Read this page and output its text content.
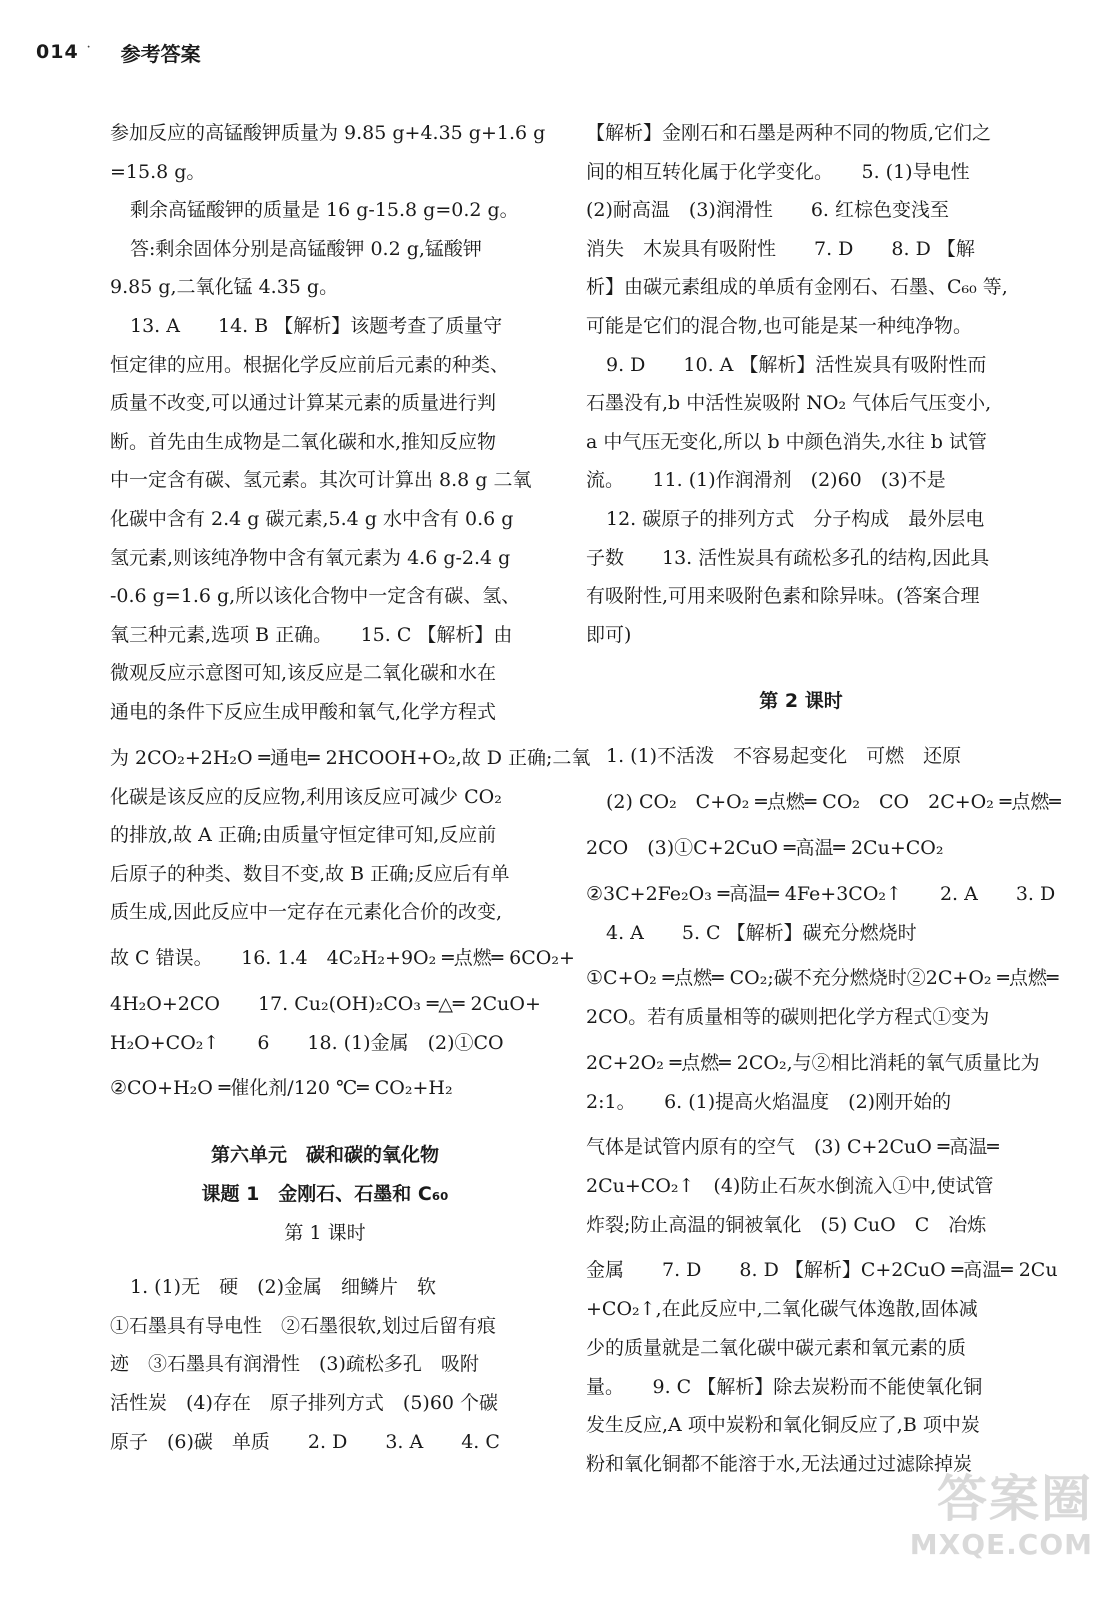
014 ˙ 参考答案
参加反应的高锰酸钾质量为 9.85 g+4.35 g+1.6 g
=15.8 g。
剩余高锰酸钾的质量是 16 g-15.8 g=0.2 g。
答:剩余固体分别是高锰酸钾 0.2 g,锰酸钾
9.85 g,二氧化锰 4.35 g。
13. A　　14. B 【解析】该题考查了质量守
恒定律的应用。根据化学反应前后元素的种类、
质量不改变,可以通过计算某元素的质量进行判
断。首先由生成物是二氧化碳和水,推知反应物
中一定含有碳、氢元素。其次可计算出 8.8 g 二氧
化碳中含有 2.4 g 碳元素,5.4 g 水中含有 0.6 g
氢元素,则该纯净物中含有氧元素为 4.6 g-2.4 g
-0.6 g=1.6 g,所以该化合物中一定含有碳、氢、
氧三种元素,选项 B 正确。　　15. C 【解析】由
微观反应示意图可知,该反应是二氧化碳和水在
通电的条件下反应生成甲酸和氧气,化学方程式
为 2CO₂+2H₂O ═通电═ 2HCOOH+O₂,故 D 正确;二氧
化碳是该反应的反应物,利用该反应可减少 CO₂
的排放,故 A 正确;由质量守恒定律可知,反应前
后原子的种类、数目不变,故 B 正确;反应后有单
质生成,因此反应中一定存在元素化合价的改变,
故 C 错误。　　16. 1.4　4C₂H₂+9O₂ ═点燃═ 6CO₂+
4H₂O+2CO　　17. Cu₂(OH)₂CO₃ ═△═ 2CuO+
H₂O+CO₂↑　　6　　18. (1)金属　(2)①CO
②CO+H₂O ═催化剂/120 ℃═ CO₂+H₂
第六单元　碳和碳的氧化物
课题 1　金刚石、石墨和 C₆₀
第 1 课时
1. (1)无　硬　(2)金属　细鳞片　软
①石墨具有导电性　②石墨很软,划过后留有痕
迹　③石墨具有润滑性　(3)疏松多孔　吸附
活性炭　(4)存在　原子排列方式　(5)60 个碳
原子　(6)碳　单质　　2. D　　3. A　　4. C
【解析】金刚石和石墨是两种不同的物质,它们之
间的相互转化属于化学变化。　　5. (1)导电性
(2)耐高温　(3)润滑性　　6. 红棕色变浅至
消失　木炭具有吸附性　　7. D　　8. D 【解
析】由碳元素组成的单质有金刚石、石墨、C₆₀ 等,
可能是它们的混合物,也可能是某一种纯净物。
9. D　　10. A 【解析】活性炭具有吸附性而
石墨没有,b 中活性炭吸附 NO₂ 气体后气压变小,
a 中气压无变化,所以 b 中颜色消失,水往 b 试管
流。　　11. (1)作润滑剂　(2)60　(3)不是
12. 碳原子的排列方式　分子构成　最外层电
子数　　13. 活性炭具有疏松多孔的结构,因此具
有吸附性,可用来吸附色素和除异味。(答案合理
即可)
第 2 课时
1. (1)不活泼　不容易起变化　可燃　还原
(2) CO₂　C+O₂ ═点燃═ CO₂　CO　2C+O₂ ═点燃═
2CO　(3)①C+2CuO ═高温═ 2Cu+CO₂
②3C+2Fe₂O₃ ═高温═ 4Fe+3CO₂↑　　2. A　　3. D
4. A　　5. C 【解析】碳充分燃烧时
①C+O₂ ═点燃═ CO₂;碳不充分燃烧时②2C+O₂ ═点燃═
2CO。若有质量相等的碳则把化学方程式①变为
2C+2O₂ ═点燃═ 2CO₂,与②相比消耗的氧气质量比为
2:1。　　6. (1)提高火焰温度　(2)刚开始的
气体是试管内原有的空气　(3) C+2CuO ═高温═
2Cu+CO₂↑　(4)防止石灰水倒流入①中,使试管
炸裂;防止高温的铜被氧化　(5) CuO　C　冶炼
金属　　7. D　　8. D 【解析】C+2CuO ═高温═ 2Cu
+CO₂↑,在此反应中,二氧化碳气体逸散,固体减
少的质量就是二氧化碳中碳元素和氧元素的质
量。　　9. C 【解析】除去炭粉而不能使氧化铜
发生反应,A 项中炭粉和氧化铜反应了,B 项中炭
粉和氧化铜都不能溶于水,无法通过过滤除掉炭
答案圈
MXQE.COM
